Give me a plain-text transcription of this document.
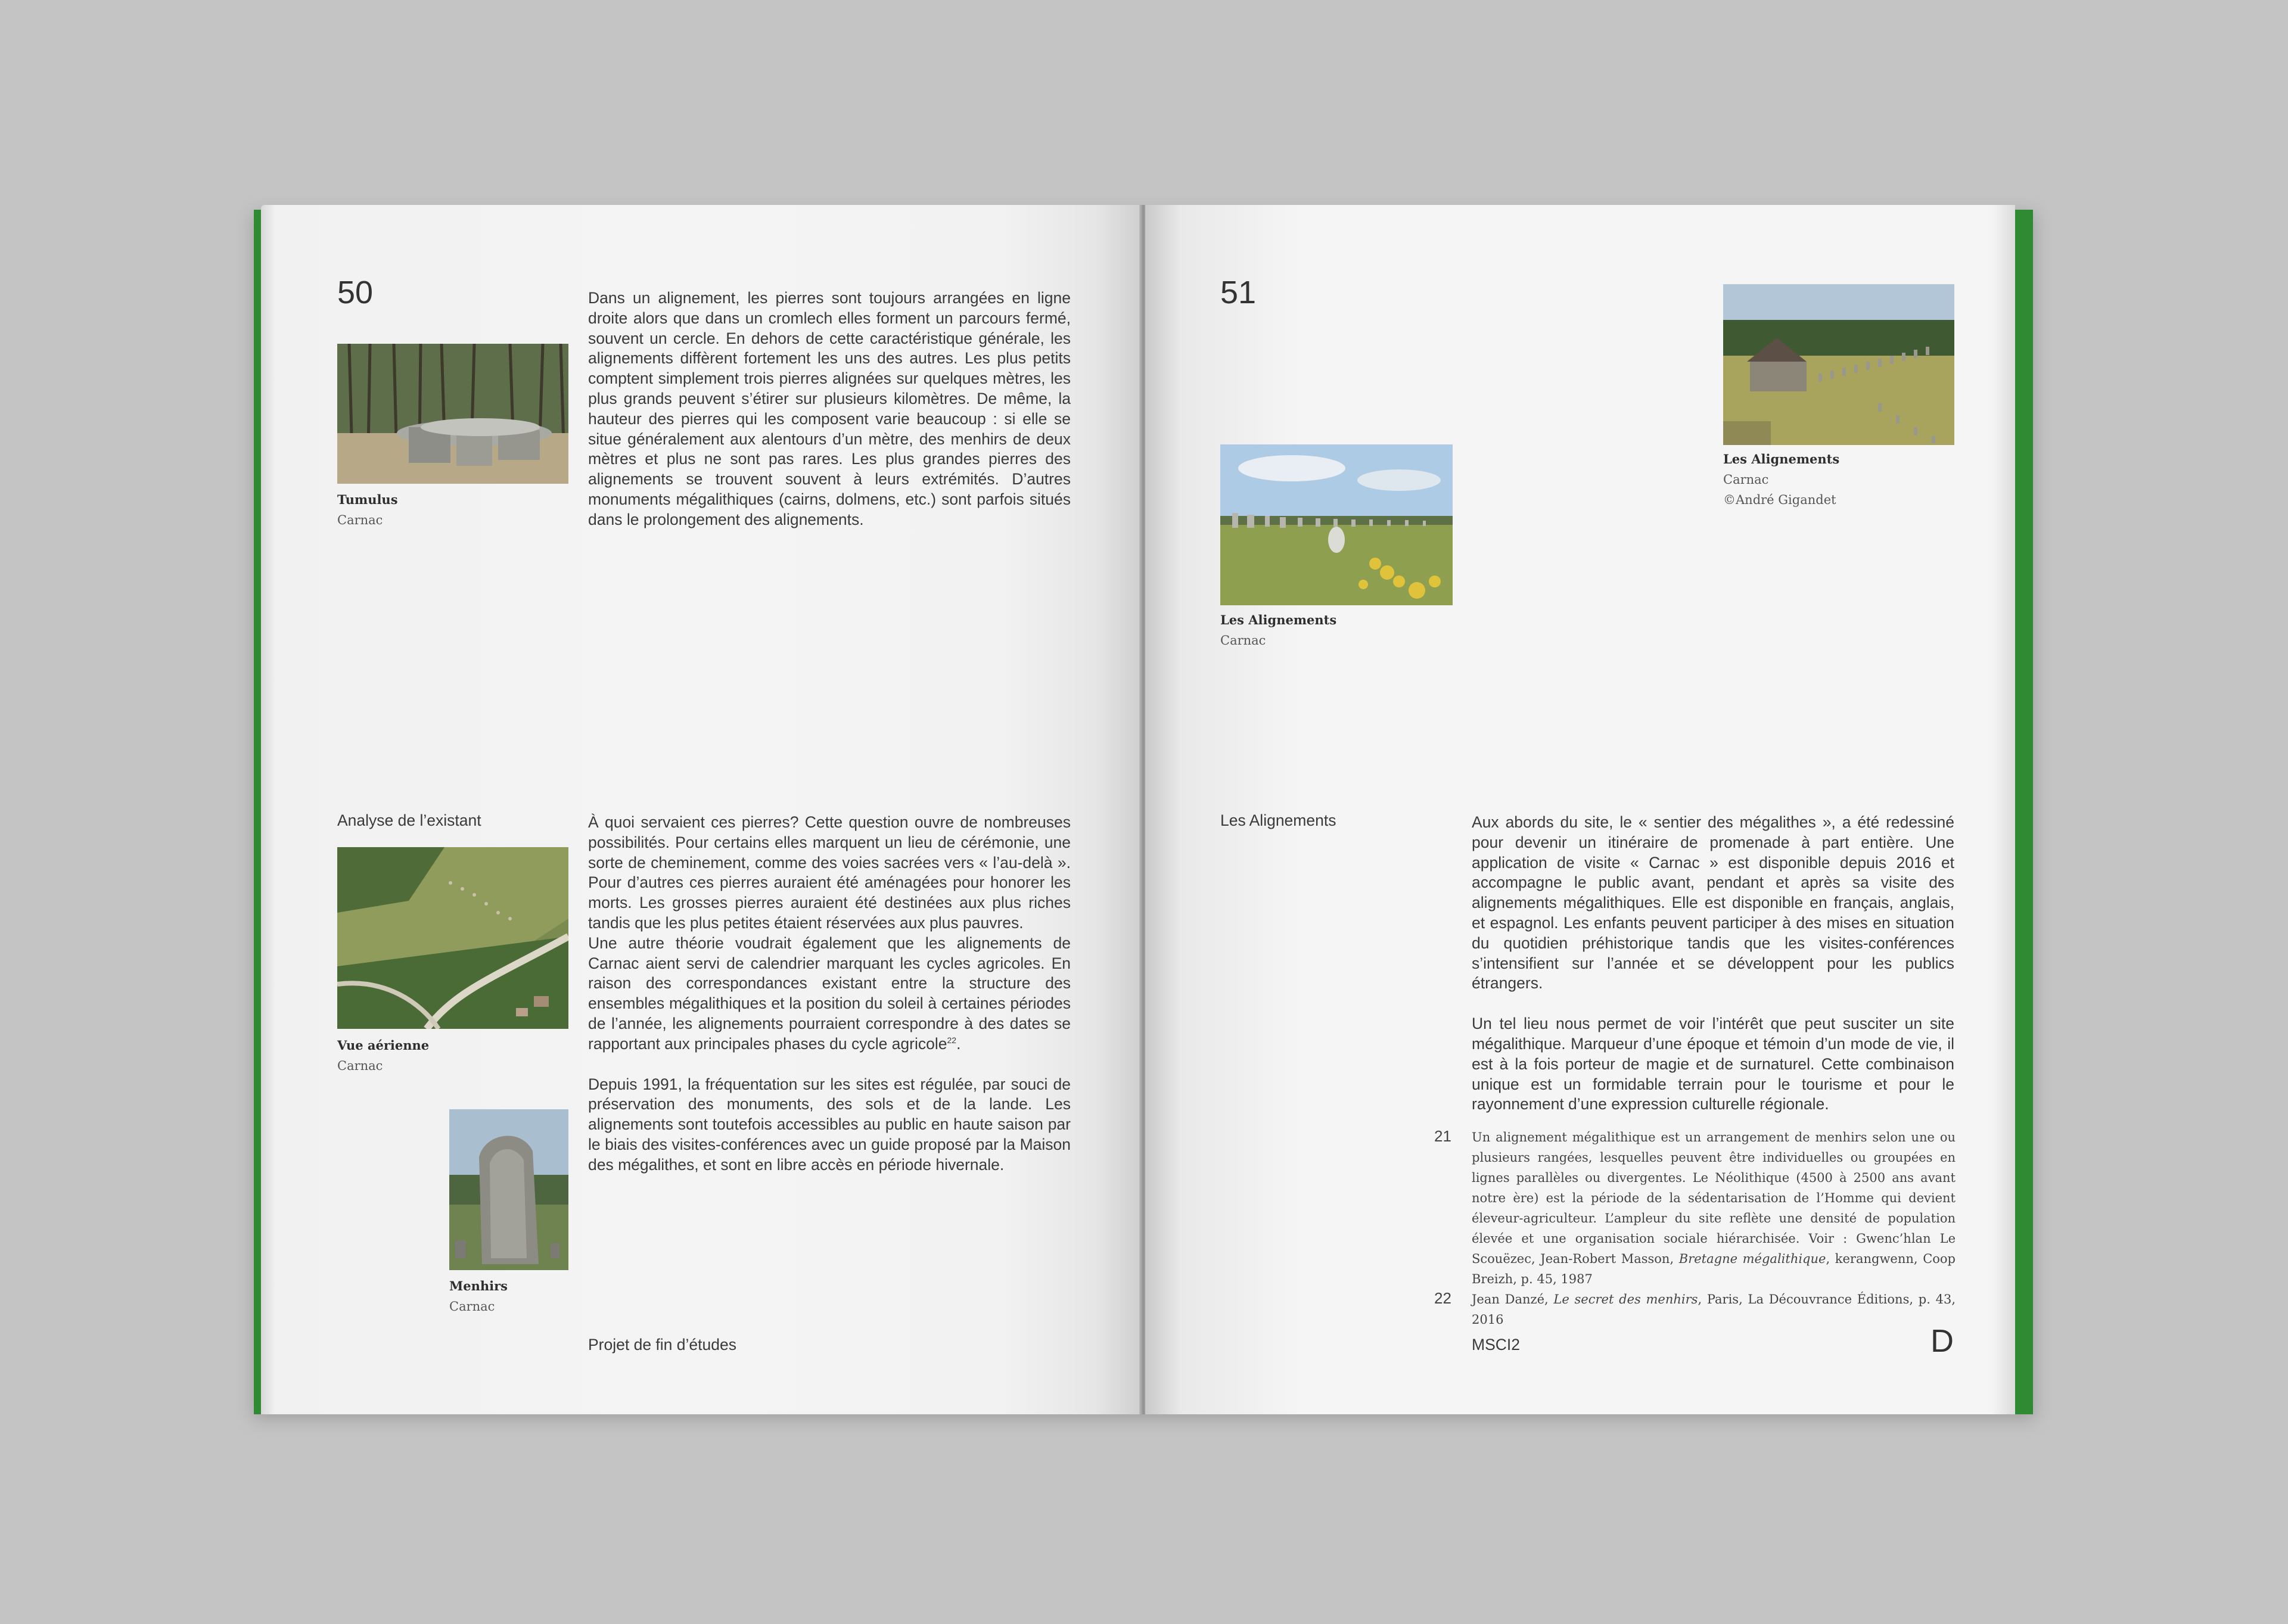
50	Dans un alignement, les pierres sont toujours arrangées en ligne droite alors que dans un cromlech elles forment un parcours fermé, souvent un cercle. En dehors de cette caractéristique générale, les alignements diffèrent fortement les uns des autres. Les plus petits comptent simplement trois pierres alignées sur quelques mètres, les plus grands peuvent s’étirer sur plusieurs kilomètres. De même, la hauteur des pierres qui les composent varie beaucoup : si elle se situe généralement aux alentours d’un mètre, des menhirs de deux mètres et plus ne sont pas rares. Les plus grandes pierres des alignements se trouvent souvent à leurs extrémités. D’autres monuments mégalithiques (cairns, dolmens, etc.) sont parfois situés dans le prolongement des alignements.

Tumulus
Carnac
Analyse de l’existant	À quoi servaient ces pierres? Cette question ouvre de nombreuses possibilités. Pour certains elles marquent un lieu de cérémonie, une sorte de cheminement, comme des voies sacrées vers « l’au-delà ». Pour d’autres ces pierres auraient été aménagées pour honorer les morts. Les grosses pierres auraient été destinées aux plus riches tandis que les plus petites étaient réservées aux plus pauvres.

Une autre théorie voudrait également que les alignements de Carnac aient servi de calendrier marquant les cycles agricoles. En raison des correspondances existant entre la structure des ensembles mégalithiques et la position du soleil à certaines périodes de l’année, les alignements pourraient correspondre à des dates se rapportant aux principales phases du cycle agricole$^{22}$.

Depuis 1991, la fréquentation sur les sites est régulée, par souci de préservation des monuments, des sols et de la lande. Les alignements sont toutefois accessibles au public en haute saison par le biais des visites-conférences avec un guide proposé par la Maison des mégalithes, et sont en libre accès en période hivernale.

Vue aérienne
Carnac
Menhirs
Carnac
Projet de fin d’études
51
Les Alignements
Carnac
©André Gigandet
Les Alignements
Carnac
Les Alignements	Aux abords du site, le « sentier des mégalithes », a été redessiné pour devenir un itinéraire de promenade à part entière. Une application de visite « Carnac » est disponible depuis 2016 et accompagne le public avant, pendant et après sa visite des alignements mégalithiques. Elle est disponible en français, anglais, et espagnol. Les enfants peuvent participer à des mises en situation du quotidien préhistorique tandis que les visites-conférences s’intensifient sur l’année et se développent pour les publics étrangers.

Un tel lieu nous permet de voir l’intérêt que peut susciter un site mégalithique. Marqueur d’une époque et témoin d’un mode de vie, il est à la fois porteur de magie et de surnaturel. Cette combinaison unique est un formidable terrain pour le tourisme et pour le rayonnement d’une expression culturelle régionale.

21 Un alignement mégalithique est un arrangement de menhirs selon une ou plusieurs rangées, lesquelles peuvent être individuelles ou groupées en lignes parallèles ou divergentes. Le Néolithique (4500 à 2500 ans avant notre ère) est la période de la sédentarisation de l’Homme qui devient éleveur-agriculteur. L’ampleur du site reflète une densité de population élevée et une organisation sociale hiérarchisée. Voir : Gwenc’hlan Le Scouëzec, Jean-Robert Masson, Bretagne mégalithique, kerangwenn, Coop Breizh, p. 45, 1987
22 Jean Danzé, Le secret des menhirs, Paris, La Découvrance Éditions, p. 43, 2016
MSCI2	D
